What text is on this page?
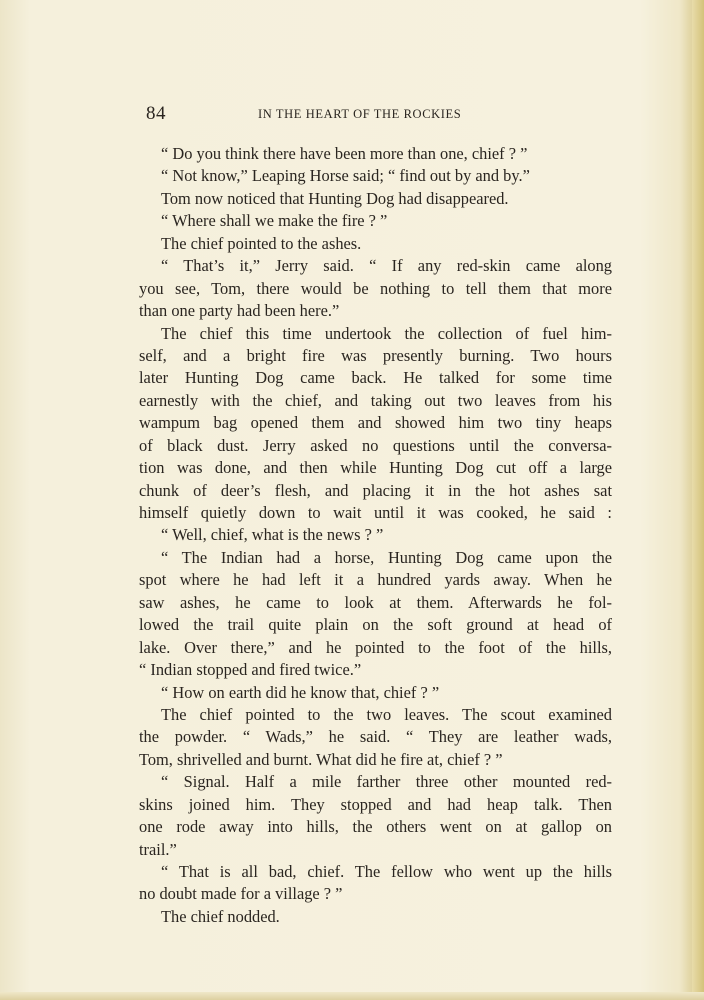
84	IN THE HEART OF THE ROCKIES
“ Do you think there have been more than one, chief ? ”
“ Not know,” Leaping Horse said; “ find out by and by.”
Tom now noticed that Hunting Dog had disappeared.
“ Where shall we make the fire ? ”
The chief pointed to the ashes.
“ That’s it,” Jerry said. “ If any red-skin came along
you see, Tom, there would be nothing to tell them that more
than one party had been here.”
The chief this time undertook the collection of fuel him-
self, and a bright fire was presently burning. Two hours
later Hunting Dog came back. He talked for some time
earnestly with the chief, and taking out two leaves from his
wampum bag opened them and showed him two tiny heaps
of black dust. Jerry asked no questions until the conversa-
tion was done, and then while Hunting Dog cut off a large
chunk of deer’s flesh, and placing it in the hot ashes sat
himself quietly down to wait until it was cooked, he said :
“ Well, chief, what is the news ? ”
“ The Indian had a horse, Hunting Dog came upon the
spot where he had left it a hundred yards away. When he
saw ashes, he came to look at them. Afterwards he fol-
lowed the trail quite plain on the soft ground at head of
lake. Over there,” and he pointed to the foot of the hills,
“ Indian stopped and fired twice.”
“ How on earth did he know that, chief ? ”
The chief pointed to the two leaves. The scout examined
the powder. “ Wads,” he said. “ They are leather wads,
Tom, shrivelled and burnt. What did he fire at, chief ? ”
“ Signal. Half a mile farther three other mounted red-
skins joined him. They stopped and had heap talk. Then
one rode away into hills, the others went on at gallop on
trail.”
“ That is all bad, chief. The fellow who went up the hills
no doubt made for a village ? ”
The chief nodded.
